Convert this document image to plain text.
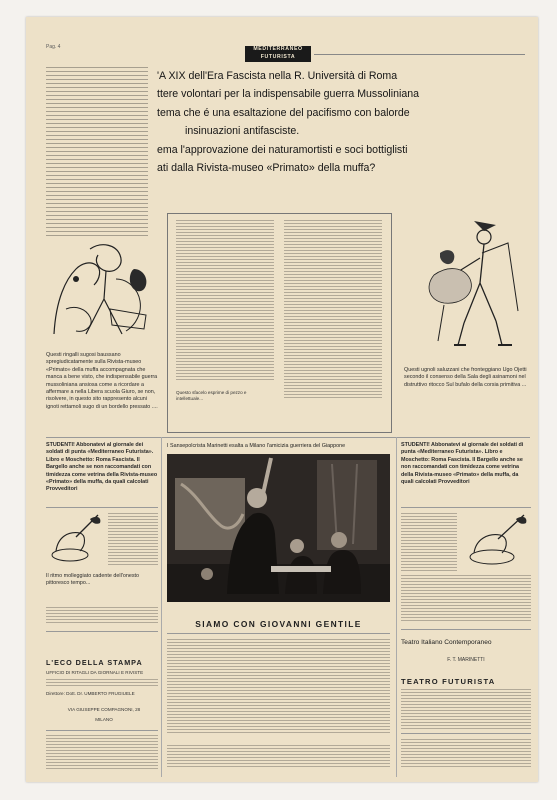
Pag. 4	MEDITERRANEO
FUTURISTA
'A XIX dell'Era Fascista nella R. Università di Roma
ttere volontari per la indispensabile guerra Mussoliniana
tema che é una esaltazione del pacifismo con balorde
insinuazioni antifasciste.
ema l'approvazione dei naturamortisti e soci bottiglisti
ati dalla Rivista-museo «Primato» della muffa?
Questi ringalli sugosi baussano spregiudicatamente sulla Rivista-museo «Primato» della muffa accompagnata che manca a bene visto, che indispensabile guerra mussoliniana ansiosa come a ricordare a affermare a nella Libera scuola Giuro, se non, risolvere, in questo sito rappresento alcuni ignoti rettamoli sugo di un bordello pressato ....
Questo sfacelo esprime di pezzo e intellettuale...
Questi ugnoli saluzzani che fronteggiano Ugo Ojetti secondo il consenso della Sala degli asinamoni nel distruttivo ritocco Sul bufalo della corsia primitiva ...
STUDENTI! Abbonatevi al giornale dei soldati di punta «Mediterraneo Futurista». Libro e Moschetto: Roma Fascista. Il Bargello anche se non raccomandati con timidezza come vetrina della Rivista-museo «Primato» della muffa, da quali calcolati Provveditori
Il ritmo molleggiato cadente dell'onesto pittoresco tempo...
L'ECO DELLA STAMPA
UFFICIO DI RITAGLI DA GIORNALI E RIVISTE
Direttore: Dott. Dr. UMBERTO FRUGIUELE
VIA GIUSEPPE COMPAGNONI, 28
MILANO
I Sansepolcrista Marinetti esalta a Milano l'amicizia guerriera del Giappone
SIAMO CON GIOVANNI GENTILE
STUDENTI! Abbonatevi al giornale dei soldati di punta «Mediterraneo Futurista». Libro e Moschetto: Roma Fascista. Il Bargello anche se non raccomandati con timidezza come vetrina della Rivista-museo «Primato» della muffa, da quali calcolati Provveditori
Teatro Italiano Contemporaneo
F. T. MARINETTI
TEATRO FUTURISTA
